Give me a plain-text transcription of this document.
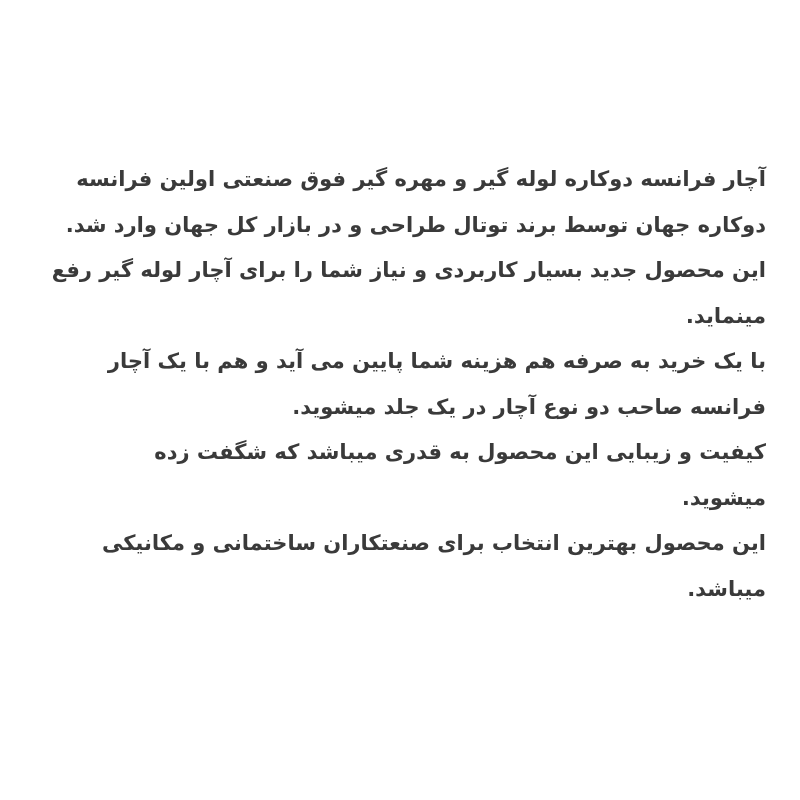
آچار فرانسه دوکاره لوله گیر و مهره گیر فوق صنعتی اولین فرانسه
دوکاره جهان توسط برند توتال طراحی و در بازار کل جهان وارد شد.
این محصول جدید بسیار کاربردی و نیاز شما را برای آچار لوله گیر رفع
مینماید.
با یک خرید به صرفه هم هزینه شما پایین می آید و هم با یک آچار
فرانسه صاحب دو نوع آچار در یک جلد میشوید.
کیفیت و زیبایی این محصول به قدری میباشد که شگفت زده
میشوید.
این محصول بهترین انتخاب برای صنعتکاران ساختمانی و مکانیکی
میباشد.
